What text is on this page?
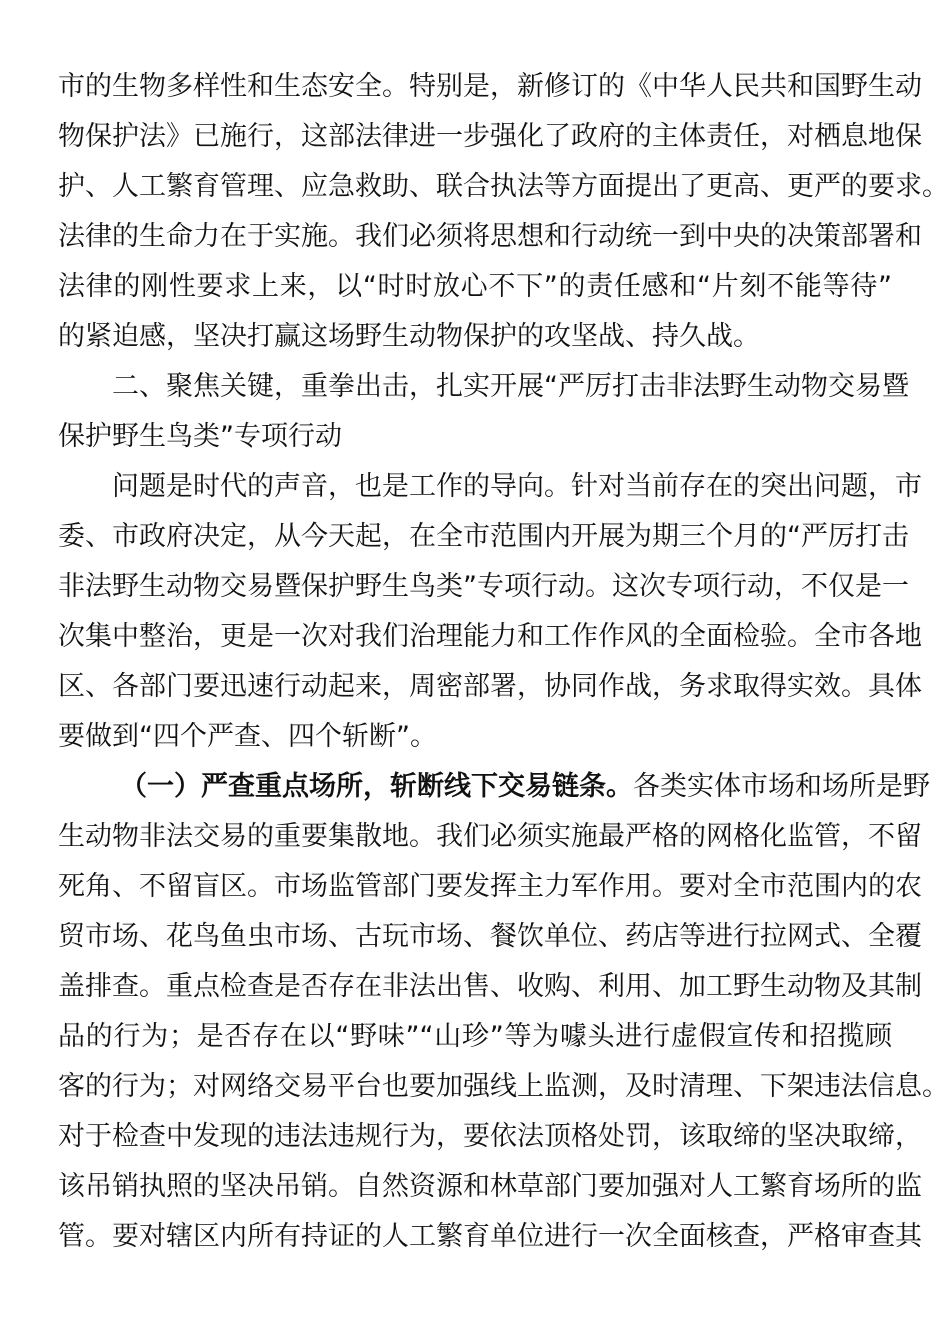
市的生物多样性和生态安全。特别是，新修订的《中华人民共和国野生动
物保护法》已施行，这部法律进一步强化了政府的主体责任，对栖息地保
护、人工繁育管理、应急救助、联合执法等方面提出了更高、更严的要求。
法律的生命力在于实施。我们必须将思想和行动统一到中央的决策部署和
法律的刚性要求上来，以“时时放心不下”的责任感和“片刻不能等待”
的紧迫感，坚决打赢这场野生动物保护的攻坚战、持久战。
二、聚焦关键，重拳出击，扎实开展“严厉打击非法野生动物交易暨
保护野生鸟类”专项行动
问题是时代的声音，也是工作的导向。针对当前存在的突出问题，市
委、市政府决定，从今天起，在全市范围内开展为期三个月的“严厉打击
非法野生动物交易暨保护野生鸟类”专项行动。这次专项行动，不仅是一
次集中整治，更是一次对我们治理能力和工作作风的全面检验。全市各地
区、各部门要迅速行动起来，周密部署，协同作战，务求取得实效。具体
要做到“四个严查、四个斩断”。
（一）严查重点场所，斩断线下交易链条。各类实体市场和场所是野
生动物非法交易的重要集散地。我们必须实施最严格的网格化监管，不留
死角、不留盲区。市场监管部门要发挥主力军作用。要对全市范围内的农
贸市场、花鸟鱼虫市场、古玩市场、餐饮单位、药店等进行拉网式、全覆
盖排查。重点检查是否存在非法出售、收购、利用、加工野生动物及其制
品的行为；是否存在以“野味”“山珍”等为噱头进行虚假宣传和招揽顾
客的行为；对网络交易平台也要加强线上监测，及时清理、下架违法信息。
对于检查中发现的违法违规行为，要依法顶格处罚，该取缔的坚决取缔，
该吊销执照的坚决吊销。自然资源和林草部门要加强对人工繁育场所的监
管。要对辖区内所有持证的人工繁育单位进行一次全面核查，严格审查其
